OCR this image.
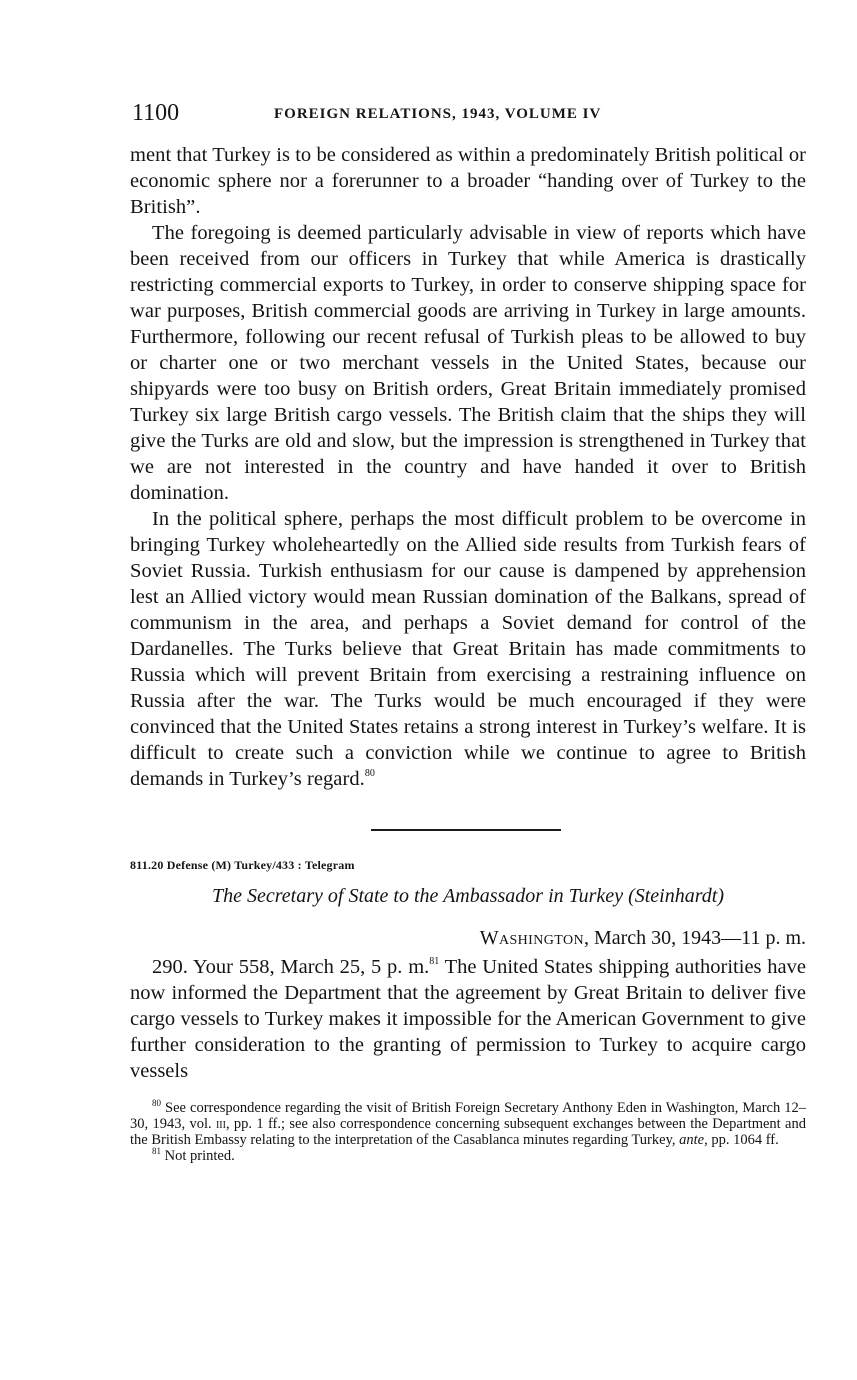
1100	FOREIGN RELATIONS, 1943, VOLUME IV

ment that Turkey is to be considered as within a predominately British political or economic sphere nor a forerunner to a broader “handing over of Turkey to the British”.

The foregoing is deemed particularly advisable in view of reports which have been received from our officers in Turkey that while America is drastically restricting commercial exports to Turkey, in order to conserve shipping space for war purposes, British commercial goods are arriving in Turkey in large amounts. Furthermore, following our recent refusal of Turkish pleas to be allowed to buy or charter one or two merchant vessels in the United States, because our shipyards were too busy on British orders, Great Britain immediately promised Turkey six large British cargo vessels. The British claim that the ships they will give the Turks are old and slow, but the impression is strengthened in Turkey that we are not interested in the country and have handed it over to British domination.

In the political sphere, perhaps the most difficult problem to be overcome in bringing Turkey wholeheartedly on the Allied side results from Turkish fears of Soviet Russia. Turkish enthusiasm for our cause is dampened by apprehension lest an Allied victory would mean Russian domination of the Balkans, spread of communism in the area, and perhaps a Soviet demand for control of the Dardanelles. The Turks believe that Great Britain has made commitments to Russia which will prevent Britain from exercising a restraining influence on Russia after the war. The Turks would be much encouraged if they were convinced that the United States retains a strong interest in Turkey’s welfare. It is difficult to create such a conviction while we continue to agree to British demands in Turkey’s regard.$^{80}$

811.20 Defense (M) Turkey/433 : Telegram
The Secretary of State to the Ambassador in Turkey (Steinhardt)
Washington, March 30, 1943—11 p. m.

290. Your 558, March 25, 5 p. m.$^{81}$ The United States shipping authorities have now informed the Department that the agreement by Great Britain to deliver five cargo vessels to Turkey makes it impossible for the American Government to give further consideration to the granting of permission to Turkey to acquire cargo vessels

$^{80}$ See correspondence regarding the visit of British Foreign Secretary Anthony Eden in Washington, March 12–30, 1943, vol. iii, pp. 1 ff.; see also correspondence concerning subsequent exchanges between the Department and the British Embassy relating to the interpretation of the Casablanca minutes regarding Turkey, ante, pp. 1064 ff.

$^{81}$ Not printed.
